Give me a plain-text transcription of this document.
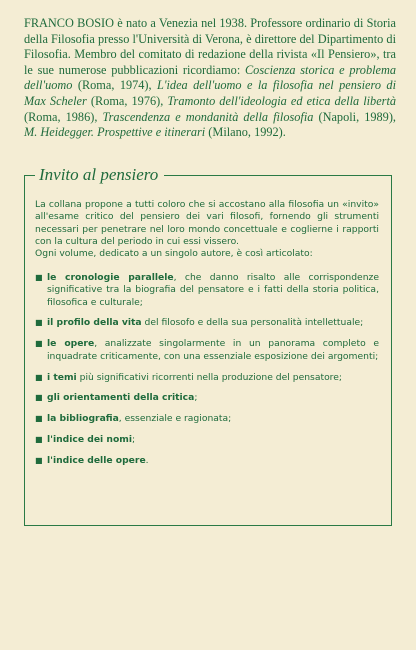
FRANCO BOSIO è nato a Venezia nel 1938. Professore ordinario di Storia della Filosofia presso l'Università di Verona, è direttore del Dipartimento di Filosofia. Membro del comitato di redazione della rivista «Il Pensiero», tra le sue numerose pubblicazioni ricordiamo: Coscienza storica e problema dell'uomo (Roma, 1974), L'idea dell'uomo e la filosofia nel pensiero di Max Scheler (Roma, 1976), Tramonto dell'ideologia ed etica della libertà (Roma, 1986), Trascendenza e mondanità della filosofia (Napoli, 1989), M. Heidegger. Prospettive e itinerari (Milano, 1992).

Invito al pensiero

La collana propone a tutti coloro che si accostano alla filosofia un «invito» all'esame critico del pensiero dei vari filosofi, fornendo gli strumenti necessari per penetrare nel loro mondo concettuale e coglierne i rapporti con la cultura del periodo in cui essi vissero.

Ogni volume, dedicato a un singolo autore, è così articolato:

■ le cronologie parallele, che danno risalto alle corrispondenze significative tra la biografia del pensatore e i fatti della storia politica, filosofica e culturale;
■ il profilo della vita del filosofo e della sua personalità intellettuale;
■ le opere, analizzate singolarmente in un panorama completo e inquadrate criticamente, con una essenziale esposizione dei argomenti;
■ i temi più significativi ricorrenti nella produzione del pensatore;
■ gli orientamenti della critica;
■ la bibliografia, essenziale e ragionata;
■ l'indice dei nomi;
■ l'indice delle opere.
